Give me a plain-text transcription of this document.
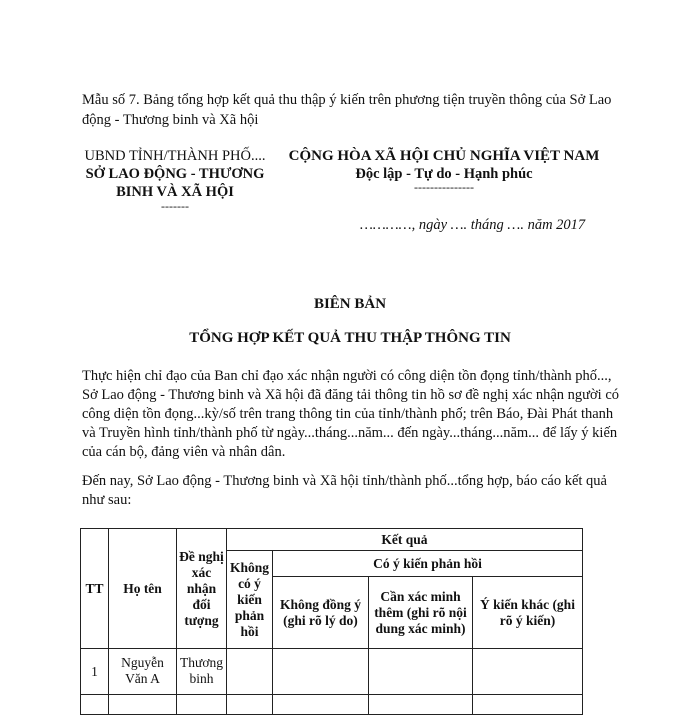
Mẫu số 7. Bảng tổng hợp kết quả thu thập ý kiến trên phương tiện truyền thông của Sở Lao động - Thương binh và Xã hội
UBND TỈNH/THÀNH PHỐ....
SỞ LAO ĐỘNG - THƯƠNG BINH VÀ XÃ HỘI
-------
CỘNG HÒA XÃ HỘI CHỦ NGHĨA VIỆT NAM
Độc lập - Tự do - Hạnh phúc
---------------
…………, ngày …. tháng …. năm 2017
BIÊN BẢN
TỔNG HỢP KẾT QUẢ THU THẬP THÔNG TIN
Thực hiện chỉ đạo của Ban chỉ đạo xác nhận người có công diện tồn đọng tỉnh/thành phố..., Sở Lao động - Thương binh và Xã hội đã đăng tải thông tin hồ sơ đề nghị xác nhận người có công diện tồn đọng...kỳ/số trên trang thông tin của tỉnh/thành phố; trên Báo, Đài Phát thanh và Truyền hình tỉnh/thành phố từ ngày...tháng...năm... đến ngày...tháng...năm... để lấy ý kiến của cán bộ, đảng viên và nhân dân.
Đến nay, Sở Lao động - Thương binh và Xã hội tỉnh/thành phố...tổng hợp, báo cáo kết quả như sau:
TT	Họ tên	Đề nghị xác nhận đối tượng	Kết quả			
			Không có ý kiến phản hồi	Có ý kiến phản hồi		
				Không đồng ý (ghi rõ lý do)	Cần xác minh thêm (ghi rõ nội dung xác minh)	Ý kiến khác (ghi rõ ý kiến)
1	Nguyễn Văn A	Thương binh				
